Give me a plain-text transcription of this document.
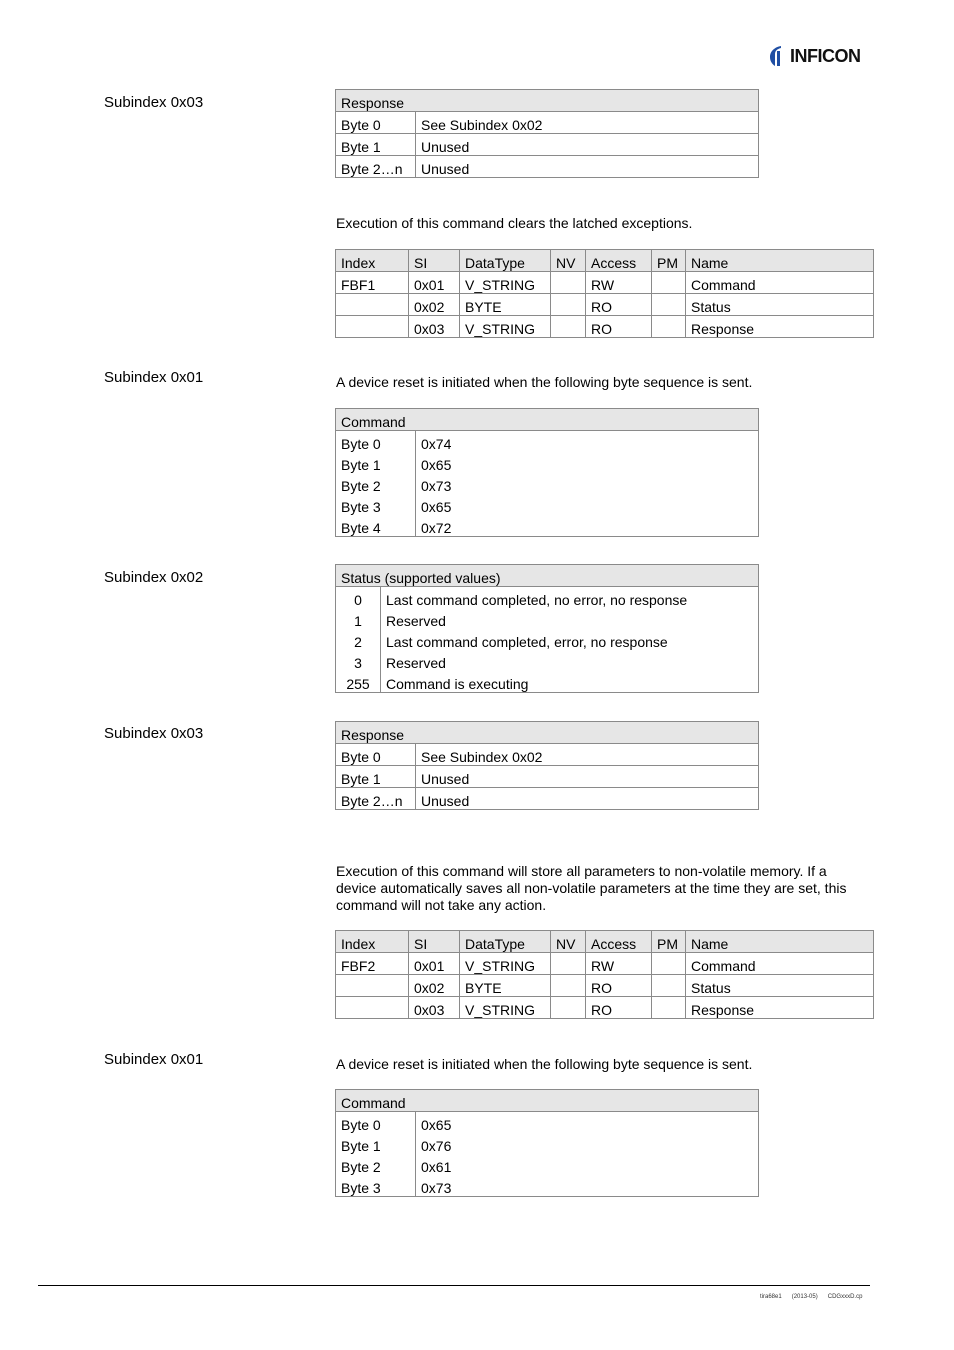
INFICON
Subindex 0x03	Response	
Byte 0	See Subindex 0x02
Byte 1	Unused
Byte 2…n	Unused
Execution of this command clears the latched exceptions.
Index	SI	DataType	NV	Access	PM	Name
FBF1	0x01	V_STRING		RW		Command
	0x02	BYTE		RO		Status
	0x03	V_STRING		RO		Response
Subindex 0x01	A device reset is initiated when the following byte sequence is sent.
Command	
Byte 0	0x74
Byte 1	0x65
Byte 2	0x73
Byte 3	0x65
Byte 4	0x72
Subindex 0x02	Status (supported values)	
0	Last command completed, no error, no response
1	Reserved
2	Last command completed, error, no response
3	Reserved
255	Command is executing
Subindex 0x03	Response	
Byte 0	See Subindex 0x02
Byte 1	Unused
Byte 2…n	Unused
Execution of this command will store all parameters to non-volatile memory. If a device automatically saves all non-volatile parameters at the time they are set, this command will not take any action.
Index	SI	DataType	NV	Access	PM	Name
FBF2	0x01	V_STRING		RW		Command
	0x02	BYTE		RO		Status
	0x03	V_STRING		RO		Response
Subindex 0x01	A device reset is initiated when the following byte sequence is sent.
Command	
Byte 0	0x65
Byte 1	0x76
Byte 2	0x61
Byte 3	0x73
tira68e1 (2013-05) CDGxxxD.cp
